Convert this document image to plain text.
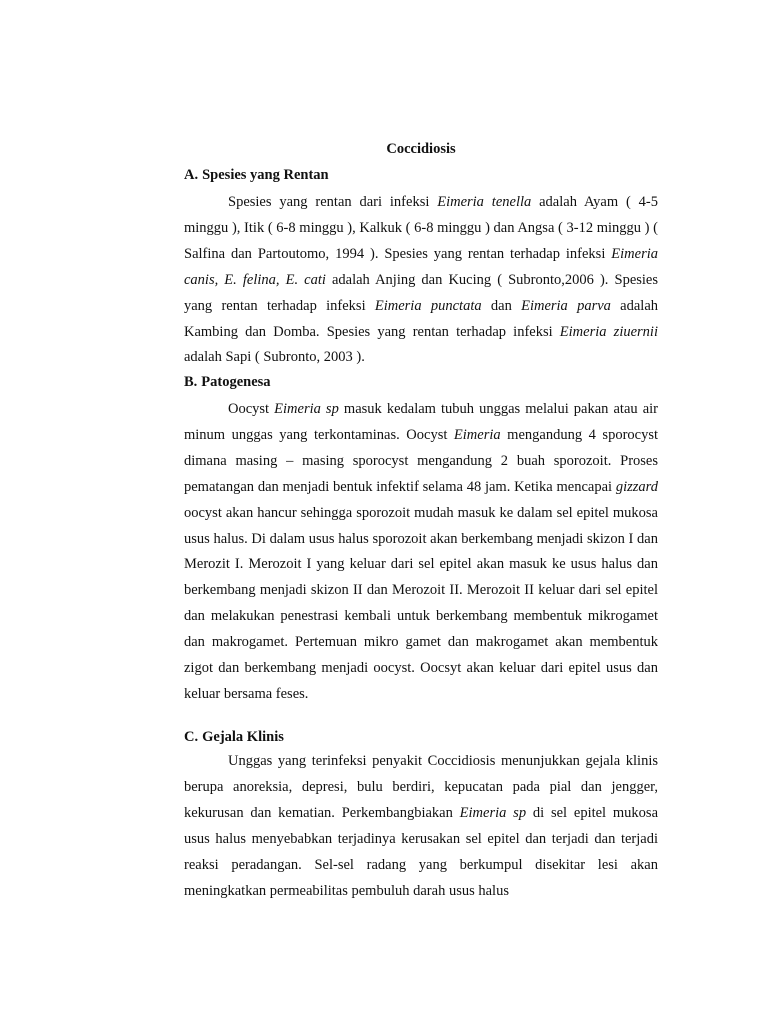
Coccidiosis
A. Spesies yang Rentan

Spesies yang rentan dari infeksi Eimeria tenella adalah Ayam ( 4-5 minggu ), Itik ( 6-8 minggu ), Kalkuk ( 6-8 minggu ) dan Angsa ( 3-12 minggu ) ( Salfina dan Partoutomo, 1994 ). Spesies yang rentan terhadap infeksi Eimeria canis, E. felina, E. cati adalah Anjing dan Kucing ( Subronto,2006 ). Spesies yang rentan terhadap infeksi Eimeria punctata dan Eimeria parva adalah Kambing dan Domba. Spesies yang rentan terhadap infeksi Eimeria ziuernii adalah Sapi ( Subronto, 2003 ).

B. Patogenesa

Oocyst Eimeria sp masuk kedalam tubuh unggas melalui pakan atau air minum unggas yang terkontaminas. Oocyst Eimeria mengandung 4 sporocyst dimana masing – masing sporocyst mengandung 2 buah sporozoit. Proses pematangan dan menjadi bentuk infektif selama 48 jam. Ketika mencapai gizzard oocyst akan hancur sehingga sporozoit mudah masuk ke dalam sel epitel mukosa usus halus. Di dalam usus halus sporozoit akan berkembang menjadi skizon I dan Merozit I. Merozoit I yang keluar dari sel epitel akan masuk ke usus halus dan berkembang menjadi skizon II dan Merozoit II. Merozoit II keluar dari sel epitel dan melakukan penestrasi kembali untuk berkembang membentuk mikrogamet dan makrogamet. Pertemuan mikro gamet dan makrogamet akan membentuk zigot dan berkembang menjadi oocyst. Oocsyt akan keluar dari epitel usus dan keluar bersama feses.

C. Gejala Klinis

Unggas yang terinfeksi penyakit Coccidiosis menunjukkan gejala klinis berupa anoreksia, depresi, bulu berdiri, kepucatan pada pial dan jengger, kekurusan dan kematian. Perkembangbiakan Eimeria sp di sel epitel mukosa usus halus menyebabkan terjadinya kerusakan sel epitel dan terjadi dan terjadi reaksi peradangan. Sel-sel radang yang berkumpul disekitar lesi akan meningkatkan permeabilitas pembuluh darah usus halus
